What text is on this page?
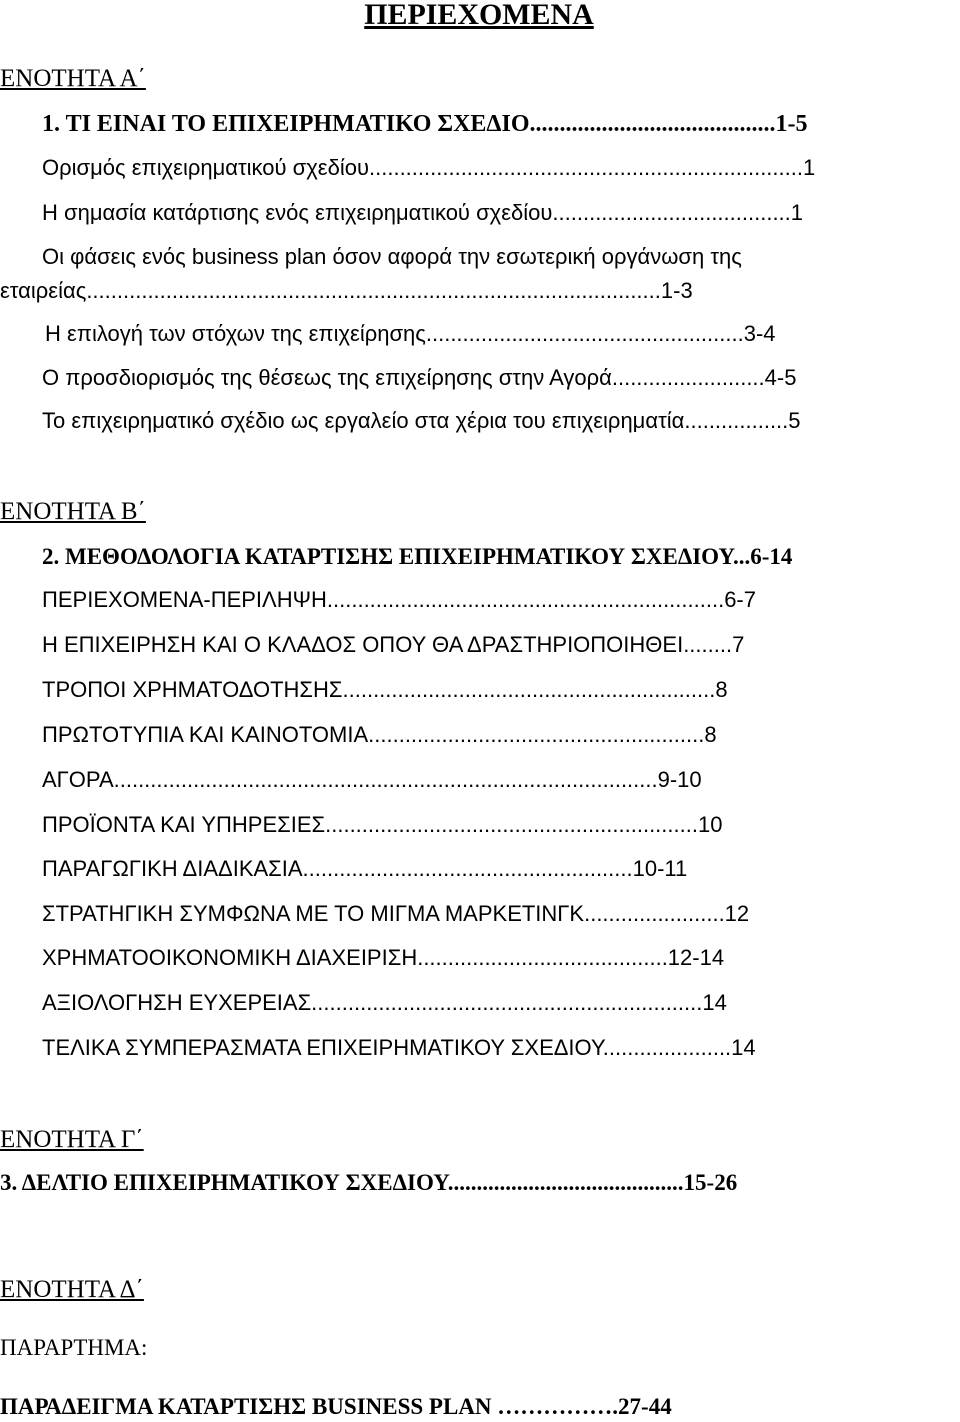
ΠΕΡΙΕΧΟΜΕΝΑ
ΕΝΟΤΗΤΑ Α΄
1. ΤΙ ΕΙΝΑΙ ΤΟ ΕΠΙΧΕΙΡΗΜΑΤΙΚΟ ΣΧΕΔΙΟ.........................................1-5
Ορισμός επιχειρηματικού σχεδίου.......................................................................1
Η σημασία κατάρτισης ενός επιχειρηματικού σχεδίου.......................................1
Οι φάσεις ενός business plan όσον αφορά την εσωτερική οργάνωση της
εταιρείας..............................................................................................1-3
Η επιλογή των στόχων της επιχείρησης....................................................3-4
Ο προσδιορισμός της θέσεως της επιχείρησης στην Αγορά.........................4-5
Το επιχειρηματικό σχέδιο ως εργαλείο στα χέρια του επιχειρηματία.................5
ΕΝΟΤΗΤΑ Β΄
2. ΜΕΘΟΔΟΛΟΓΙΑ ΚΑΤΑΡΤΙΣΗΣ ΕΠΙΧΕΙΡΗΜΑΤΙΚΟΥ ΣΧΕΔΙΟΥ...6-14
ΠΕΡΙΕΧΟΜΕΝΑ-ΠΕΡΙΛΗΨΗ.................................................................6-7
Η ΕΠΙΧΕΙΡΗΣΗ ΚΑΙ Ο ΚΛΑΔΟΣ ΟΠΟΥ ΘΑ ΔΡΑΣΤΗΡΙΟΠΟΙΗΘΕΙ........7
ΤΡΟΠΟΙ ΧΡΗΜΑΤΟΔΟΤΗΣΗΣ.............................................................8
ΠΡΩΤΟΤΥΠΙΑ ΚΑΙ ΚΑΙΝΟΤΟΜΙΑ.......................................................8
ΑΓΟΡΑ.........................................................................................9-10
ΠΡΟΪΟΝΤΑ ΚΑΙ ΥΠΗΡΕΣΙΕΣ.............................................................10
ΠΑΡΑΓΩΓΙΚΗ ΔΙΑΔΙΚΑΣΙΑ......................................................10-11
ΣΤΡΑΤΗΓΙΚΗ ΣΥΜΦΩΝΑ ΜΕ ΤΟ ΜΙΓΜΑ ΜΑΡΚΕΤΙΝΓΚ.......................12
ΧΡΗΜΑΤΟΟΙΚΟΝΟΜΙΚΗ ΔΙΑΧΕΙΡΙΣΗ.........................................12-14
ΑΞΙΟΛΟΓΗΣΗ ΕΥΧΕΡΕΙΑΣ................................................................14
ΤΕΛΙΚΑ ΣΥΜΠΕΡΑΣΜΑΤΑ ΕΠΙΧΕΙΡΗΜΑΤΙΚΟΥ ΣΧΕΔΙΟΥ.....................14
ΕΝΟΤΗΤΑ Γ΄
3. ΔΕΛΤΙΟ ΕΠΙΧΕΙΡΗΜΑΤΙΚΟΥ ΣΧΕΔΙΟΥ.........................................15-26
ΕΝΟΤΗΤΑ Δ΄
ΠΑΡΑΡΤΗΜΑ:
ΠΑΡΑΔΕΙΓΜΑ ΚΑΤΑΡΤΙΣΗΣ BUSINESS PLAN …………….27-44
